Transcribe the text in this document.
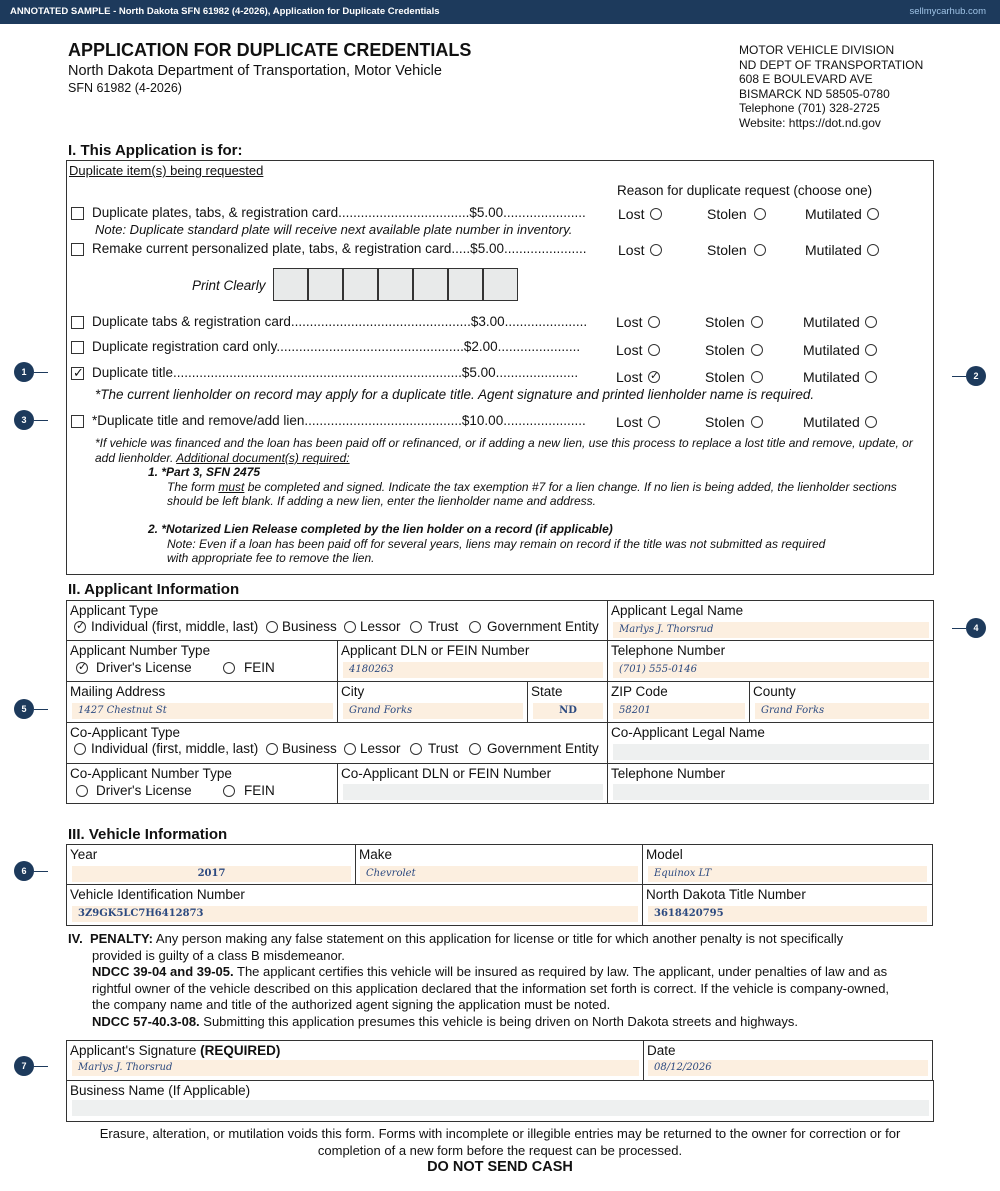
ANNOTATED SAMPLE - North Dakota SFN 61982 (4-2026), Application for Duplicate Credentials	sellmycarhub.com
APPLICATION FOR DUPLICATE CREDENTIALS
North Dakota Department of Transportation, Motor Vehicle
SFN 61982 (4-2026)
MOTOR VEHICLE DIVISION
ND DEPT OF TRANSPORTATION
608 E BOULEVARD AVE
BISMARCK ND 58505-0780
Telephone (701) 328-2725
Website: https://dot.nd.gov
1	2
3
4
5
6
7
I. This Application is for:
Duplicate item(s) being requested
Reason for duplicate request (choose one)
Duplicate plates, tabs, & registration card...................................$5.00......................
Note: Duplicate standard plate will receive next available plate number in inventory.
Remake current personalized plate, tabs, & registration card.....$5.00......................
Print Clearly
Duplicate tabs & registration card................................................$3.00......................
Duplicate registration card only..................................................$2.00......................
✓
Duplicate title.............................................................................$5.00......................
*The current lienholder on record may apply for a duplicate title. Agent signature and printed lienholder name is required.
*Duplicate title and remove/add lien..........................................$10.00......................
Lost	Stolen	Mutilated
Lost	Stolen	Mutilated
Lost	Stolen	Mutilated
Lost	Stolen	Mutilated
Lost
✓	Stolen	Mutilated
Lost	Stolen	Mutilated
*If vehicle was financed and the loan has been paid off or refinanced, or if adding a new lien, use this process to replace a lost title and remove, update, or
add lienholder. Additional document(s) required:
1. *Part 3, SFN 2475
The form must be completed and signed. Indicate the tax exemption #7 for a lien change. If no lien is being added, the lienholder sections
should be left blank. If adding a new lien, enter the lienholder name and address.
2. *Notarized Lien Release completed by the lien holder on a record (if applicable)
Note: Even if a loan has been paid off for several years, liens may remain on record if the title was not submitted as required
with appropriate fee to remove the lien.
II. Applicant Information
Applicant Type
✓
Individual (first, middle, last) Business Lessor Trust Government Entity
Applicant Legal Name
Marlys J. Thorsrud
Applicant Number Type
✓
Driver's License	FEIN
Applicant DLN or FEIN Number
4180263
Telephone Number
(701) 555-0146
Mailing Address
1427 Chestnut St
City
Grand Forks
State
ND
ZIP Code
58201
County
Grand Forks
Co-Applicant Type
Individual (first, middle, last) Business Lessor Trust Government Entity
Co-Applicant Legal Name
Co-Applicant Number Type
Driver's License	FEIN
Co-Applicant DLN or FEIN Number	Telephone Number
III. Vehicle Information
Year
2017
Make
Chevrolet
Model
Equinox LT
Vehicle Identification Number
3Z9GK5LC7H6412873
North Dakota Title Number
3618420795
IV. PENALTY: Any person making any false statement on this application for license or title for which another penalty is not specifically
provided is guilty of a class B misdemeanor.
NDCC 39-04 and 39-05. The applicant certifies this vehicle will be insured as required by law. The applicant, under penalties of law and as
rightful owner of the vehicle described on this application declared that the information set forth is correct. If the vehicle is company-owned,
the company name and title of the authorized agent signing the application must be noted.
NDCC 57-40.3-08. Submitting this application presumes this vehicle is being driven on North Dakota streets and highways.
Applicant's Signature (REQUIRED)
Marlys J. Thorsrud
Date
08/12/2026
Business Name (If Applicable)
Erasure, alteration, or mutilation voids this form. Forms with incomplete or illegible entries may be returned to the owner for correction or for
completion of a new form before the request can be processed.
DO NOT SEND CASH
